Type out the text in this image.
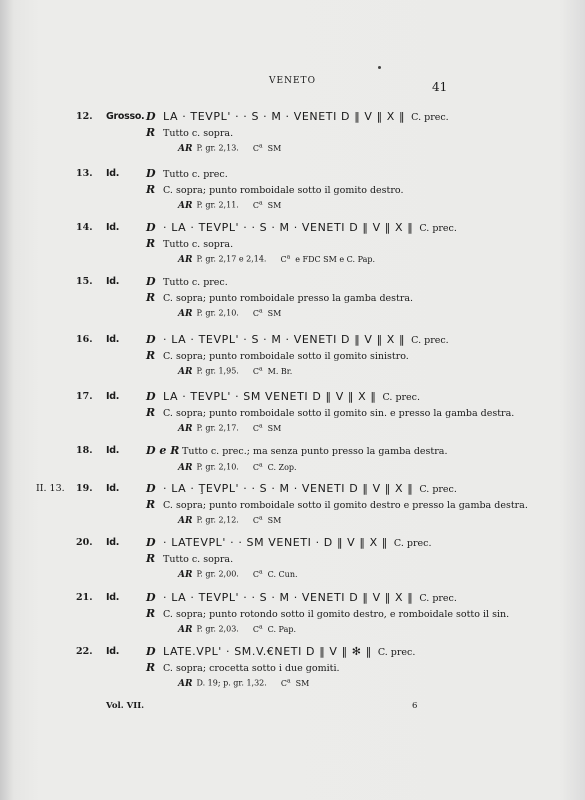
VENETO	41
12. Grosso. D LA · TEVPL' · · S · M · VENETI D ‖ V ‖ X ‖ C. prec.
R Tutto c. sopra.
AR P. gr. 2,13. $C^a$ SM
13. Id. D Tutto c. prec.
R C. sopra; punto romboidale sotto il gomito destro.
AR P. gr. 2,11. $C^a$ SM
14. Id. D · LA · TEVPL' · · S · M · VENETI D ‖ V ‖ X ‖ C. prec.
R Tutto c. sopra.
AR P. gr. 2,17 e 2,14. $C^a$ e FDC SM e C. Pap.
15. Id. D Tutto c. prec.
R C. sopra; punto romboidale presso la gamba destra.
AR P. gr. 2,10. $C^a$ SM
16. Id. D · LA · TEVPL' · S · M · VENETI D ‖ V ‖ X ‖ C. prec.
R C. sopra; punto romboidale sotto il gomito sinistro.
AR P. gr. 1,95. $C^a$ M. Br.
17. Id. D LA · TEVPL' · SM VENETI D ‖ V ‖ X ‖ C. prec.
R C. sopra; punto romboidale sotto il gomito sin. e presso la gamba destra.
AR P. gr. 2,17. $C^a$ SM
18. Id. D e R Tutto c. prec.; ma senza punto presso la gamba destra.
AR P. gr. 2,10. $C^a$ C. Zop.
II. 13. 19. Id. D · LA · ŢEVPL' · · S · M · VENETI D ‖ V ‖ X ‖ C. prec.
R C. sopra; punto romboidale sotto il gomito destro e presso la gamba destra.
AR P. gr. 2,12. $C^a$ SM
20. Id. D · LATEVPL' · · SM VENETI · D ‖ V ‖ X ‖ C. prec.
R Tutto c. sopra.
AR P. gr. 2,00. $C^a$ C. Cun.
21. Id. D · LA · TEVPL' · · S · M · VENETI D ‖ V ‖ X ‖ C. prec.
R C. sopra; punto rotondo sotto il gomito destro, e romboidale sotto il sin.
AR P. gr. 2,03. $C^a$ C. Pap.
22. Id. D LATE.VPL' · SM.V.€NETI D ‖ V ‖ ✻ ‖ C. prec.
R C. sopra; crocetta sotto i due gomiti.
AR D. 19; p. gr. 1,32. $C^a$ SM
Vol. VII.	6
